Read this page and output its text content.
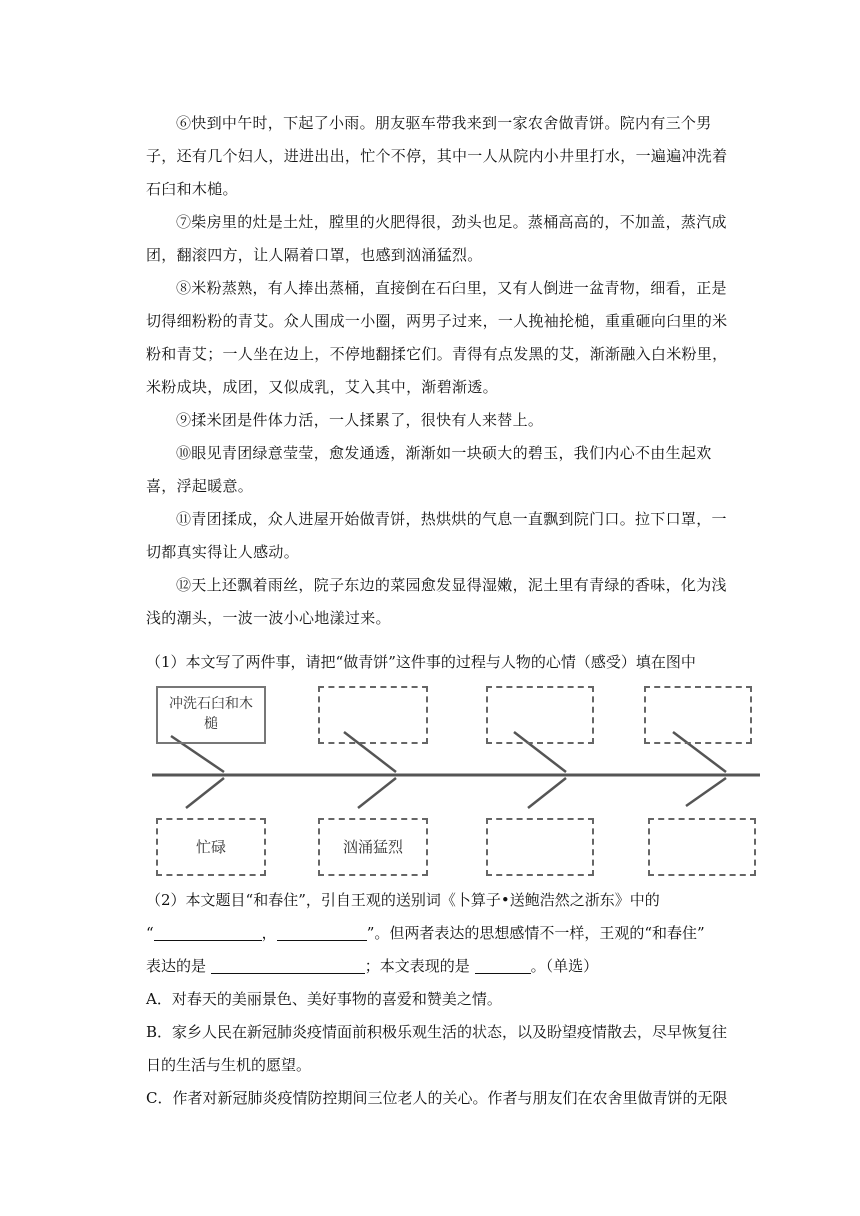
⑥快到中午时，下起了小雨。朋友驱车带我来到一家农舍做青饼。院内有三个男子，还有几个妇人，进进出出，忙个不停，其中一人从院内小井里打水，一遍遍冲洗着石臼和木槌。

⑦柴房里的灶是土灶，膛里的火肥得很，劲头也足。蒸桶高高的，不加盖，蒸汽成团，翻滚四方，让人隔着口罩，也感到汹涌猛烈。

⑧米粉蒸熟，有人捧出蒸桶，直接倒在石臼里，又有人倒进一盆青物，细看，正是切得细粉粉的青艾。众人围成一小圈，两男子过来，一人挽袖抡槌，重重砸向臼里的米粉和青艾；一人坐在边上，不停地翻揉它们。青得有点发黑的艾，渐渐融入白米粉里，米粉成块，成团，又似成乳，艾入其中，渐碧渐透。

⑨揉米团是件体力活，一人揉累了，很快有人来替上。

⑩眼见青团绿意莹莹，愈发通透，渐渐如一块硕大的碧玉，我们内心不由生起欢喜，浮起暖意。

⑪青团揉成，众人进屋开始做青饼，热烘烘的气息一直飘到院门口。拉下口罩，一切都真实得让人感动。

⑫天上还飘着雨丝，院子东边的菜园愈发显得湿嫩，泥土里有青绿的香味，化为浅浅的潮头，一波一波小心地漾过来。

（1）本文写了两件事，请把“做青饼”这件事的过程与人物的心情（感受）填在图中

冲洗石臼和木槌
忙碌	汹涌猛烈

（2）本文题目“和春住”，引自王观的送别词《卜算子•送鲍浩然之浙东》中的

“	，	”。但两者表达的思想感情不一样，王观的“和春住”

表达的是	；本文表现的是	。（单选）

A．对春天的美丽景色、美好事物的喜爱和赞美之情。

B．家乡人民在新冠肺炎疫情面前积极乐观生活的状态，以及盼望疫情散去，尽早恢复往日的生活与生机的愿望。

C．作者对新冠肺炎疫情防控期间三位老人的关心。作者与朋友们在农舍里做青饼的无限
